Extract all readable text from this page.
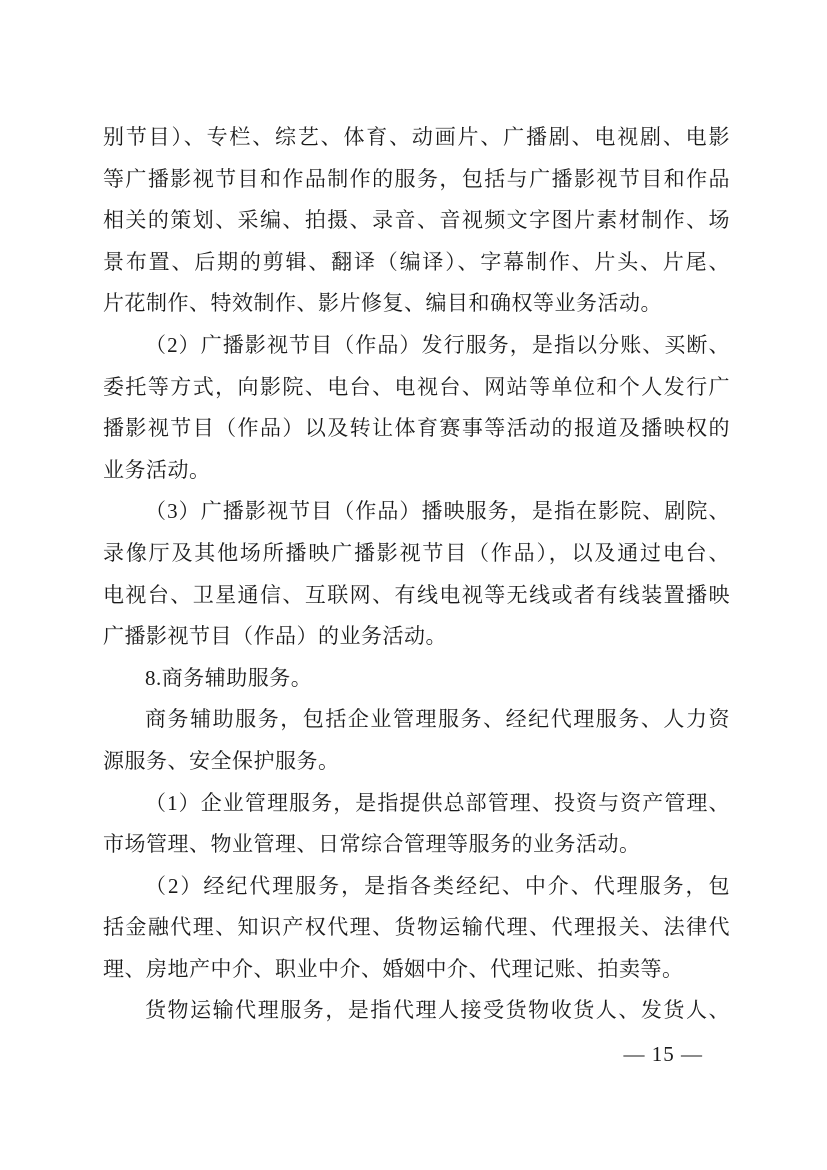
别节目）、专栏、综艺、体育、动画片、广播剧、电视剧、电影
等广播影视节目和作品制作的服务，包括与广播影视节目和作品
相关的策划、采编、拍摄、录音、音视频文字图片素材制作、场
景布置、后期的剪辑、翻译（编译）、字幕制作、片头、片尾、
片花制作、特效制作、影片修复、编目和确权等业务活动。

（2）广播影视节目（作品）发行服务，是指以分账、买断、
委托等方式，向影院、电台、电视台、网站等单位和个人发行广
播影视节目（作品）以及转让体育赛事等活动的报道及播映权的
业务活动。

（3）广播影视节目（作品）播映服务，是指在影院、剧院、
录像厅及其他场所播映广播影视节目（作品），以及通过电台、
电视台、卫星通信、互联网、有线电视等无线或者有线装置播映
广播影视节目（作品）的业务活动。

8.商务辅助服务。

商务辅助服务，包括企业管理服务、经纪代理服务、人力资
源服务、安全保护服务。

（1）企业管理服务，是指提供总部管理、投资与资产管理、
市场管理、物业管理、日常综合管理等服务的业务活动。

（2）经纪代理服务，是指各类经纪、中介、代理服务，包
括金融代理、知识产权代理、货物运输代理、代理报关、法律代
理、房地产中介、职业中介、婚姻中介、代理记账、拍卖等。

货物运输代理服务，是指代理人接受货物收货人、发货人、

— 15 —
